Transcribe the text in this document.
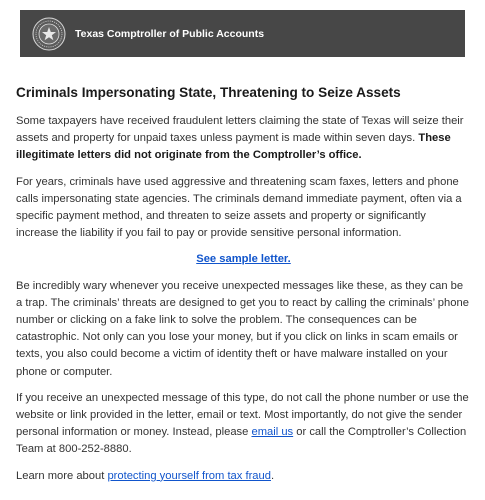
Texas Comptroller of Public Accounts
Criminals Impersonating State, Threatening to Seize Assets

Some taxpayers have received fraudulent letters claiming the state of Texas will seize their assets and property for unpaid taxes unless payment is made within seven days. These illegitimate letters did not originate from the Comptroller’s office.

For years, criminals have used aggressive and threatening scam faxes, letters and phone calls impersonating state agencies. The criminals demand immediate payment, often via a specific payment method, and threaten to seize assets and property or significantly increase the liability if you fail to pay or provide sensitive personal information.

See sample letter.

Be incredibly wary whenever you receive unexpected messages like these, as they can be a trap. The criminals’ threats are designed to get you to react by calling the criminals’ phone number or clicking on a fake link to solve the problem. The consequences can be catastrophic. Not only can you lose your money, but if you click on links in scam emails or texts, you also could become a victim of identity theft or have malware installed on your phone or computer.

If you receive an unexpected message of this type, do not call the phone number or use the website or link provided in the letter, email or text. Most importantly, do not give the sender personal information or money. Instead, please email us or call the Comptroller’s Collection Team at 800-252-8880.

Learn more about protecting yourself from tax fraud.
